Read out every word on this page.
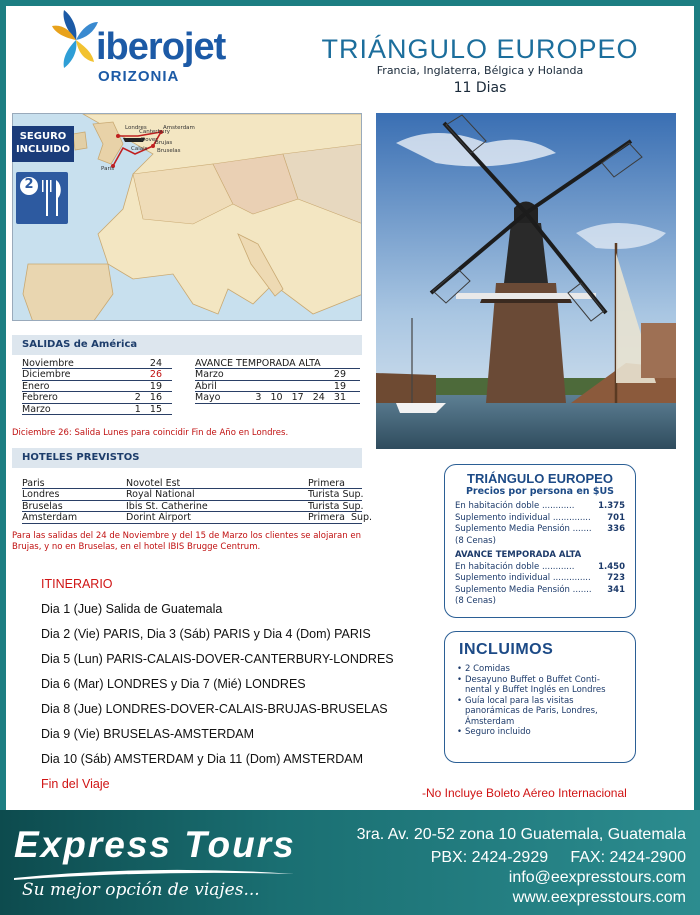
iberojet
ORIZONIA
TRIÁNGULO EUROPEO
Francia, Inglaterra, Bélgica y Holanda
11 Dias
Londres
Canterbury
Amsterdam
Dover
Calais
Brujas
Bruselas
Paris
SEGURO
INCLUIDO
2
SALIDAS de América
Noviembre	24
Diciembre	26
Enero	19
Febrero	2   16
Marzo	1   15
AVANCE TEMPORADA ALTA
Marzo	29
Abril	19
Mayo	3   10   17   24   31
Diciembre 26: Salida Lunes para coincidir Fin de Año en Londres.
HOTELES PREVISTOS
Paris	Novotel Est	Primera
Londres	Royal National	Turista Sup.
Bruselas	Ibis St. Catherine	Turista Sup.
Amsterdam	Dorint Airport	Primera  Sup.
Para las salidas del 24 de Noviembre y del 15 de Marzo los clientes se alojaran en
Brujas, y no en Bruselas, en el hotel IBIS Brugge Centrum.
ITINERARIO
Dia 1 (Jue) Salida de Guatemala
Dia 2 (Vie) PARIS, Dia 3 (Sáb) PARIS y Dia 4 (Dom) PARIS
Dia 5 (Lun) PARIS-CALAIS-DOVER-CANTERBURY-LONDRES
Dia 6 (Mar) LONDRES y Dia 7 (Mié) LONDRES
Dia 8 (Jue) LONDRES-DOVER-CALAIS-BRUJAS-BRUSELAS
Dia 9 (Vie) BRUSELAS-AMSTERDAM
Dia 10 (Sáb) AMSTERDAM y Dia 11 (Dom) AMSTERDAM
Fin del Viaje
TRIÁNGULO EUROPEO
Precios por persona en $US
En habitación doble ............	1.375
Suplemento individual .............. 701
Suplemento Media Pensión ....... 336
(8 Cenas)
AVANCE TEMPORADA ALTA
En habitación doble ............	1.450
Suplemento individual .............. 723
Suplemento Media Pensión ....... 341
(8 Cenas)
INCLUIMOS
• 2 Comidas
• Desayuno Buffet o Buffet Conti-
nental y Buffet Inglés en Londres
• Guía local para las visitas
panorámicas de Paris, Londres,
Ámsterdam
• Seguro incluido
-No Incluye Boleto Aéreo Internacional
Express Tours
Su mejor opción de viajes...
3ra. Av. 20-52 zona 10 Guatemala, Guatemala
PBX: 2424-2929     FAX: 2424-2900
info@eexpresstours.com
www.eexpresstours.com
